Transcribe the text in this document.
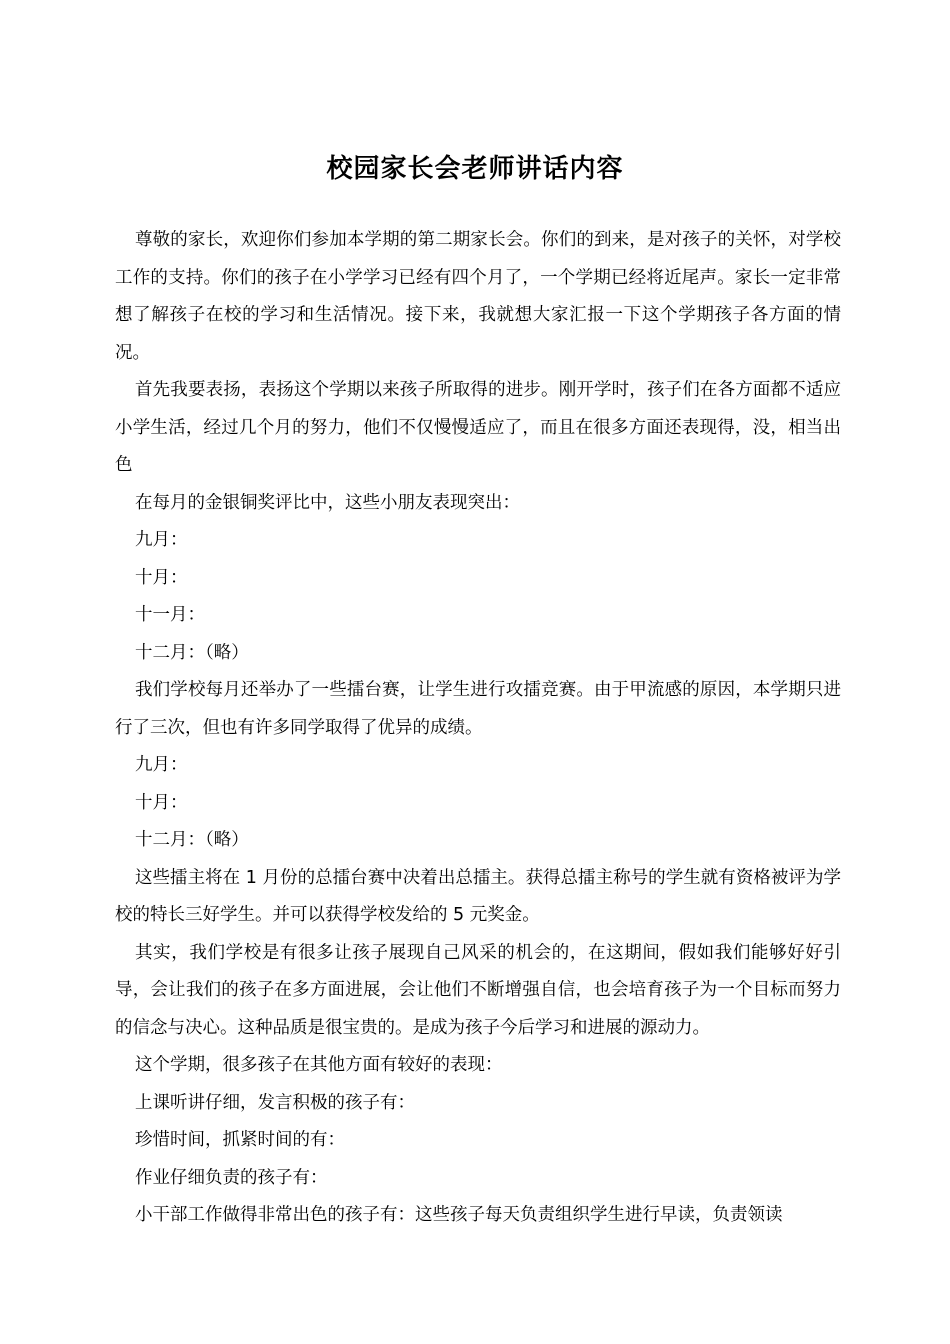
校园家长会老师讲话内容

尊敬的家长，欢迎你们参加本学期的第二期家长会。你们的到来，是对孩子的关怀，对学校工作的支持。你们的孩子在小学学习已经有四个月了，一个学期已经将近尾声。家长一定非常想了解孩子在校的学习和生活情况。接下来，我就想大家汇报一下这个学期孩子各方面的情况。

首先我要表扬，表扬这个学期以来孩子所取得的进步。刚开学时，孩子们在各方面都不适应小学生活，经过几个月的努力，他们不仅慢慢适应了，而且在很多方面还表现得，没，相当出色

在每月的金银铜奖评比中，这些小朋友表现突出：

九月：

十月：

十一月：

十二月：（略）

我们学校每月还举办了一些擂台赛，让学生进行攻擂竞赛。由于甲流感的原因，本学期只进行了三次，但也有许多同学取得了优异的成绩。

九月：

十月：

十二月：（略）

这些擂主将在 1 月份的总擂台赛中决着出总擂主。获得总擂主称号的学生就有资格被评为学校的特长三好学生。并可以获得学校发给的 5 元奖金。

其实，我们学校是有很多让孩子展现自己风采的机会的，在这期间，假如我们能够好好引导，会让我们的孩子在多方面进展，会让他们不断增强自信，也会培育孩子为一个目标而努力的信念与决心。这种品质是很宝贵的。是成为孩子今后学习和进展的源动力。

这个学期，很多孩子在其他方面有较好的表现：

上课听讲仔细，发言积极的孩子有：

珍惜时间，抓紧时间的有：

作业仔细负责的孩子有：

小干部工作做得非常出色的孩子有：这些孩子每天负责组织学生进行早读，负责领读
